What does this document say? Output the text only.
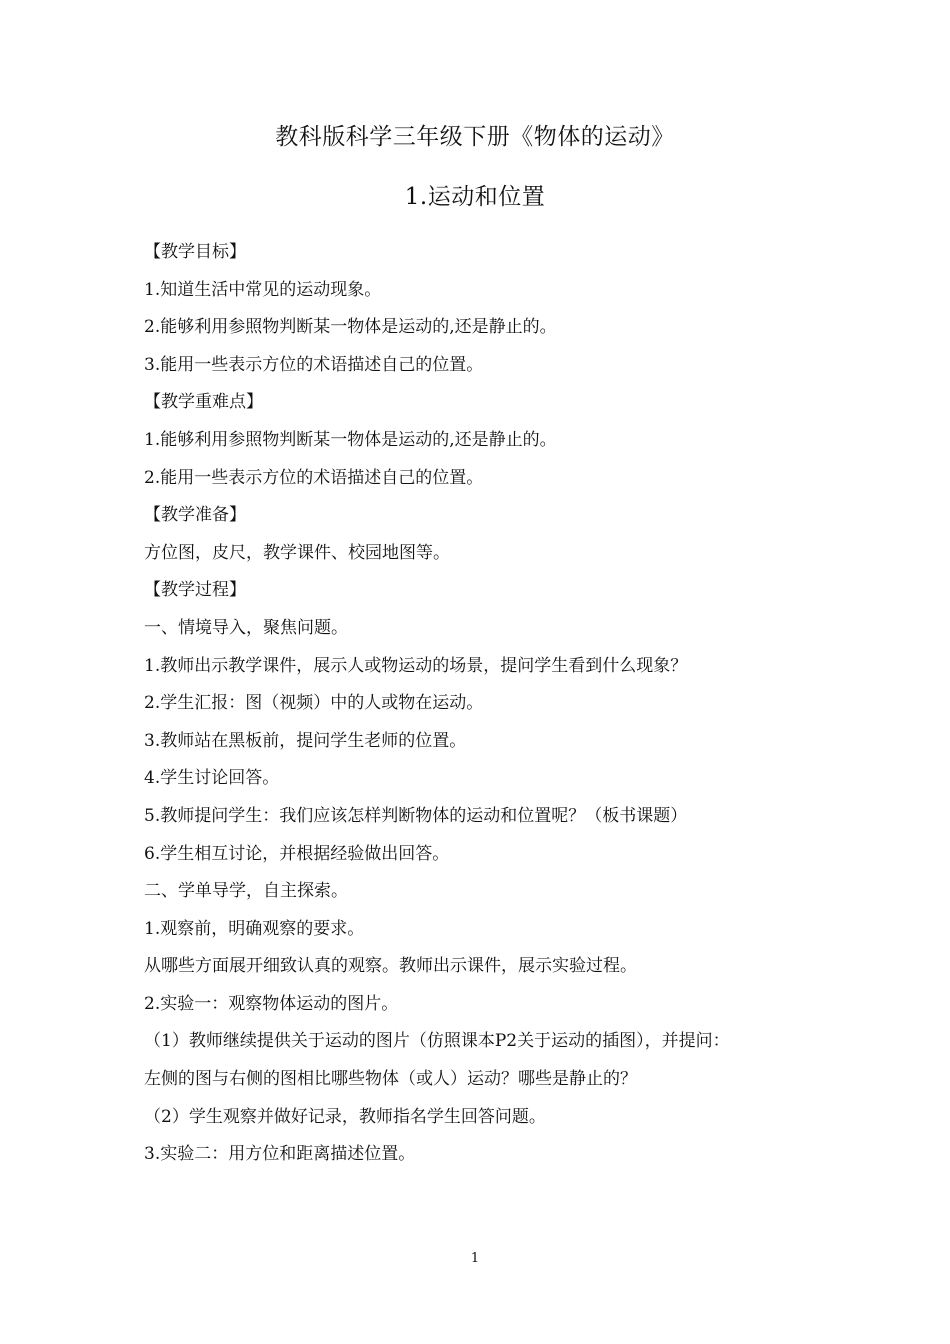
教科版科学三年级下册《物体的运动》
1.运动和位置
【教学目标】
1.知道生活中常见的运动现象。
2.能够利用参照物判断某一物体是运动的,还是静止的。
3.能用一些表示方位的术语描述自己的位置。
【教学重难点】
1.能够利用参照物判断某一物体是运动的,还是静止的。
2.能用一些表示方位的术语描述自己的位置。
【教学准备】
方位图，皮尺，教学课件、校园地图等。
【教学过程】
一、情境导入，聚焦问题。
1.教师出示教学课件，展示人或物运动的场景，提问学生看到什么现象？
2.学生汇报：图（视频）中的人或物在运动。
3.教师站在黑板前，提问学生老师的位置。
4.学生讨论回答。
5.教师提问学生：我们应该怎样判断物体的运动和位置呢？（板书课题）
6.学生相互讨论，并根据经验做出回答。
二、学单导学，自主探索。
1.观察前，明确观察的要求。
从哪些方面展开细致认真的观察。教师出示课件，展示实验过程。
2.实验一：观察物体运动的图片。
（1）教师继续提供关于运动的图片（仿照课本P2关于运动的插图），并提问：
左侧的图与右侧的图相比哪些物体（或人）运动？哪些是静止的？
（2）学生观察并做好记录，教师指名学生回答问题。
3.实验二：用方位和距离描述位置。
1
